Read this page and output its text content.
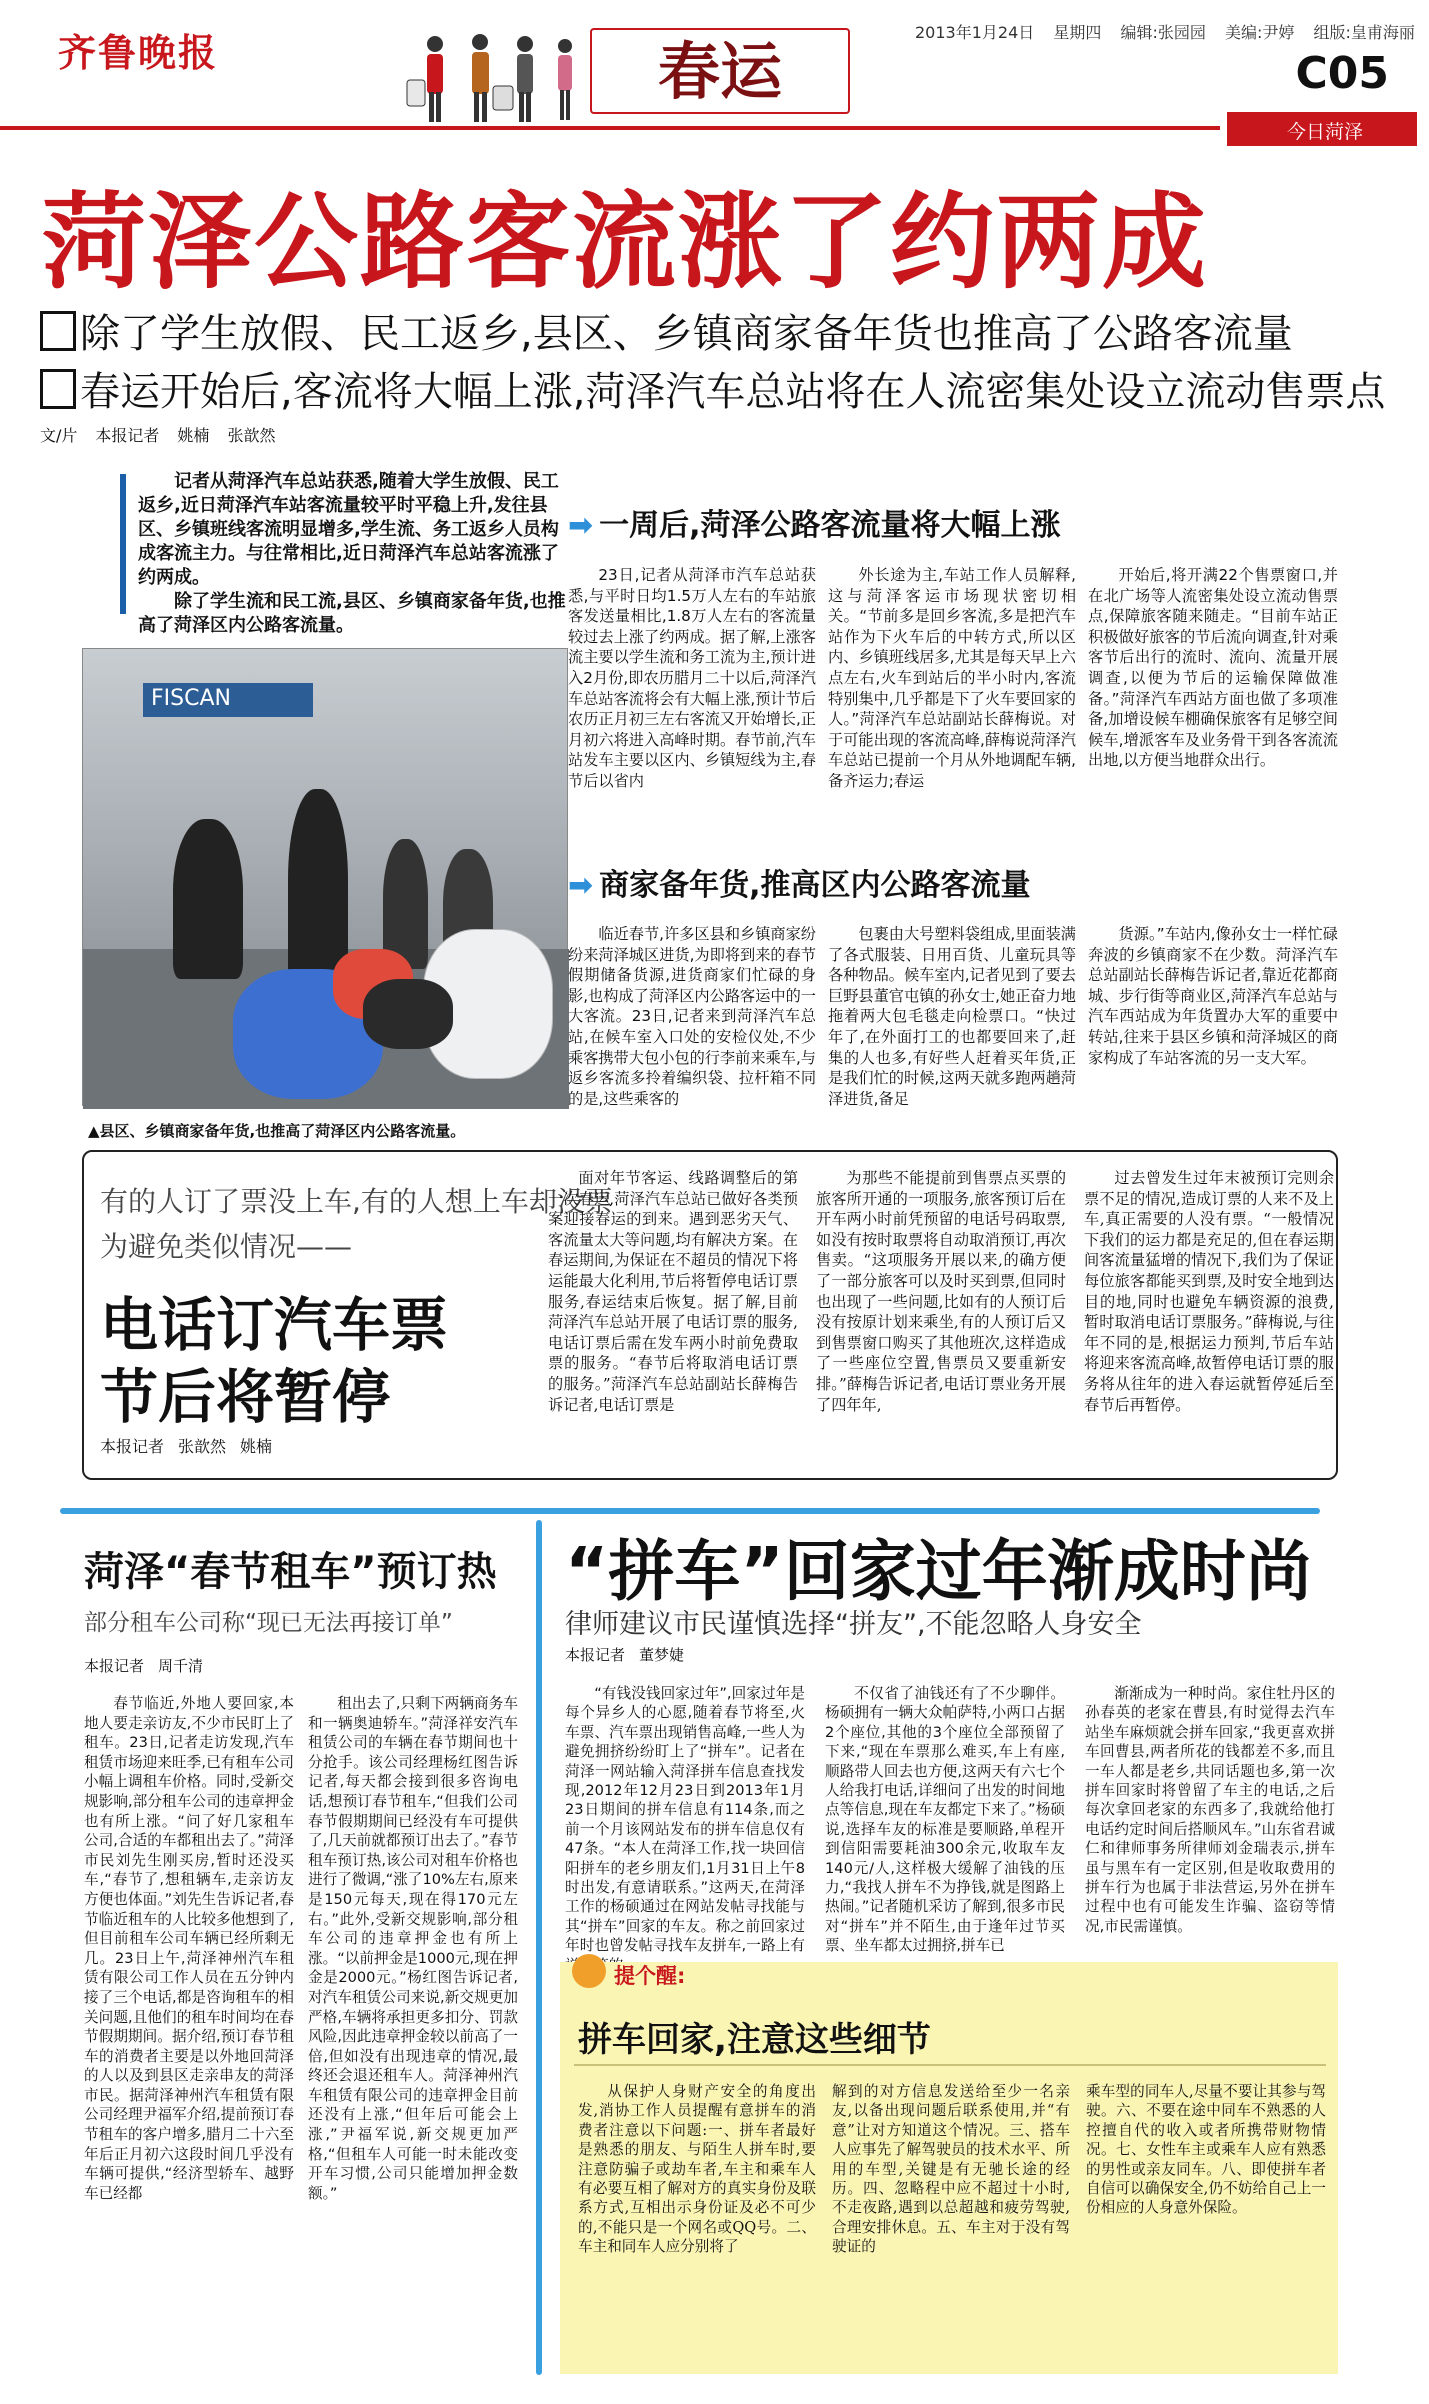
齐鲁晚报	春运
2013年1月24日 星期四 编辑:张园园 美编:尹婷 组版:皇甫海丽
C05
今日菏泽
菏泽公路客流涨了约两成
除了学生放假、民工返乡,县区、乡镇商家备年货也推高了公路客流量
春运开始后,客流将大幅上涨,菏泽汽车总站将在人流密集处设立流动售票点
文/片 本报记者 姚楠 张歆然

记者从菏泽汽车总站获悉,随着大学生放假、民工返乡,近日菏泽汽车站客流量较平时平稳上升,发往县区、乡镇班线客流明显增多,学生流、务工返乡人员构成客流主力。与往常相比,近日菏泽汽车总站客流涨了约两成。

除了学生流和民工流,县区、乡镇商家备年货,也推高了菏泽区内公路客流量。

FISCAN
▲县区、乡镇商家备年货,也推高了菏泽区内公路客流量。
➡ 一周后,菏泽公路客流量将大幅上涨

23日,记者从菏泽市汽车总站获悉,与平时日均1.5万人左右的车站旅客发送量相比,1.8万人左右的客流量较过去上涨了约两成。据了解,上涨客流主要以学生流和务工流为主,预计进入2月份,即农历腊月二十以后,菏泽汽车总站客流将会有大幅上涨,预计节后农历正月初三左右客流又开始增长,正月初六将进入高峰时期。春节前,汽车站发车主要以区内、乡镇短线为主,春节后以省内

外长途为主,车站工作人员解释,这与菏泽客运市场现状密切相关。“节前多是回乡客流,多是把汽车站作为下火车后的中转方式,所以区内、乡镇班线居多,尤其是每天早上六点左右,火车到站后的半小时内,客流特别集中,几乎都是下了火车要回家的人。”菏泽汽车总站副站长薛梅说。对于可能出现的客流高峰,薛梅说菏泽汽车总站已提前一个月从外地调配车辆,备齐运力;春运

开始后,将开满22个售票窗口,并在北广场等人流密集处设立流动售票点,保障旅客随来随走。“目前车站正积极做好旅客的节后流向调查,针对乘客节后出行的流时、流向、流量开展调查,以便为节后的运输保障做准备。”菏泽汽车西站方面也做了多项准备,加增设候车棚确保旅客有足够空间候车,增派客车及业务骨干到各客流流出地,以方便当地群众出行。

➡ 商家备年货,推高区内公路客流量

临近春节,许多区县和乡镇商家纷纷来菏泽城区进货,为即将到来的春节假期储备货源,进货商家们忙碌的身影,也构成了菏泽区内公路客运中的一大客流。23日,记者来到菏泽汽车总站,在候车室入口处的安检仪处,不少乘客携带大包小包的行李前来乘车,与返乡客流多拎着编织袋、拉杆箱不同的是,这些乘客的

包裹由大号塑料袋组成,里面装满了各式服装、日用百货、儿童玩具等各种物品。候车室内,记者见到了要去巨野县董官屯镇的孙女士,她正奋力地拖着两大包毛毯走向检票口。“快过年了,在外面打工的也都要回来了,赶集的人也多,有好些人赶着买年货,正是我们忙的时候,这两天就多跑两趟菏泽进货,备足

货源。”车站内,像孙女士一样忙碌奔波的乡镇商家不在少数。菏泽汽车总站副站长薛梅告诉记者,靠近花都商城、步行街等商业区,菏泽汽车总站与汽车西站成为年货置办大军的重要中转站,往来于县区乡镇和菏泽城区的商家构成了车站客流的另一支大军。

有的人订了票没上车,有的人想上车却没票
为避免类似情况——
电话订汽车票
节后将暂停
本报记者 张歆然 姚楠

面对年节客运、线路调整后的第一次春运,菏泽汽车总站已做好各类预案迎接春运的到来。遇到恶劣天气、客流量太大等问题,均有解决方案。在春运期间,为保证在不超员的情况下将运能最大化利用,节后将暂停电话订票服务,春运结束后恢复。据了解,目前菏泽汽车总站开展了电话订票的服务,电话订票后需在发车两小时前免费取票的服务。“春节后将取消电话订票的服务。”菏泽汽车总站副站长薛梅告诉记者,电话订票是

为那些不能提前到售票点买票的旅客所开通的一项服务,旅客预订后在开车两小时前凭预留的电话号码取票,如没有按时取票将自动取消预订,再次售卖。“这项服务开展以来,的确方便了一部分旅客可以及时买到票,但同时也出现了一些问题,比如有的人预订后没有按原计划来乘坐,有的人预订后又到售票窗口购买了其他班次,这样造成了一些座位空置,售票员又要重新安排。”薛梅告诉记者,电话订票业务开展了四年年,

过去曾发生过年末被预订完则余票不足的情况,造成订票的人来不及上车,真正需要的人没有票。“一般情况下我们的运力都是充足的,但在春运期间客流量猛增的情况下,我们为了保证每位旅客都能买到票,及时安全地到达目的地,同时也避免车辆资源的浪费,暂时取消电话订票服务。”薛梅说,与往年不同的是,根据运力预判,节后车站将迎来客流高峰,故暂停电话订票的服务将从往年的进入春运就暂停延后至春节后再暂停。

菏泽“春节租车”预订热
部分租车公司称“现已无法再接订单”
本报记者 周千清

春节临近,外地人要回家,本地人要走亲访友,不少市民盯上了租车。23日,记者走访发现,汽车租赁市场迎来旺季,已有租车公司小幅上调租车价格。同时,受新交规影响,部分租车公司的违章押金也有所上涨。“问了好几家租车公司,合适的车都租出去了。”菏泽市民刘先生刚买房,暂时还没买车,“春节了,想租辆车,走亲访友方便也体面。”刘先生告诉记者,春节临近租车的人比较多他想到了,但目前租车公司车辆已经所剩无几。23日上午,菏泽神州汽车租赁有限公司工作人员在五分钟内接了三个电话,都是咨询租车的相关问题,且他们的租车时间均在春节假期期间。据介绍,预订春节租车的消费者主要是以外地回菏泽的人以及到县区走亲串友的菏泽市民。据菏泽神州汽车租赁有限公司经理尹福军介绍,提前预订春节租车的客户增多,腊月二十六至年后正月初六这段时间几乎没有车辆可提供,“经济型轿车、越野车已经都

租出去了,只剩下两辆商务车和一辆奥迪轿车。”菏泽祥安汽车租赁公司的车辆在春节期间也十分抢手。该公司经理杨红图告诉记者,每天都会接到很多咨询电话,想预订春节租车,“但我们公司春节假期期间已经没有车可提供了,几天前就都预订出去了。”春节租车预订热,该公司对租车价格也进行了微调,“涨了10%左右,原来是150元每天,现在得170元左右。”此外,受新交规影响,部分租车公司的违章押金也有所上涨。“以前押金是1000元,现在押金是2000元。”杨红图告诉记者,对汽车租赁公司来说,新交规更加严格,车辆将承担更多扣分、罚款风险,因此违章押金较以前高了一倍,但如没有出现违章的情况,最终还会退还租车人。菏泽神州汽车租赁有限公司的违章押金目前还没有上涨,“但年后可能会上涨,”尹福军说,新交规更加严格,“但租车人可能一时未能改变开车习惯,公司只能增加押金数额。”

“拼车”回家过年渐成时尚
律师建议市民谨慎选择“拼友”,不能忽略人身安全
本报记者 董梦婕

“有钱没钱回家过年”,回家过年是每个异乡人的心愿,随着春节将至,火车票、汽车票出现销售高峰,一些人为避免拥挤纷纷盯上了“拼车”。记者在菏泽一网站输入菏泽拼车信息查找发现,2012年12月23日到2013年1月23日期间的拼车信息有114条,而之前一个月该网站发布的拼车信息仅有47条。“本人在菏泽工作,找一块回信阳拼车的老乡朋友们,1月31日上午8时出发,有意请联系。”这两天,在菏泽工作的杨硕通过在网站发帖寻找能与其“拼车”回家的车友。称之前回家过年时也曾发帖寻找车友拼车,一路上有

不仅省了油钱还有了不少聊伴。杨硕拥有一辆大众帕萨特,小两口占据2个座位,其他的3个座位全部预留了下来,“现在车票那么难买,车上有座,顺路带人回去也方便,这两天有六七个人给我打电话,详细问了出发的时间地点等信息,现在车友都定下来了。”杨硕说,选择车友的标准是要顺路,单程开到信阳需要耗油300余元,收取车友140元/人,这样极大缓解了油钱的压力,“我找人拼车不为挣钱,就是图路上热闹。”记者随机采访了解到,很多市民对“拼车”并不陌生,由于逢年过节买票、坐车都太过拥挤,拼车已

渐渐成为一种时尚。家住牡丹区的孙春英的老家在曹县,有时觉得去汽车站坐车麻烦就会拼车回家,“我更喜欢拼车回曹县,两者所花的钱都差不多,而且一车人都是老乡,共同话题也多,第一次拼车回家时将曾留了车主的电话,之后每次拿回老家的东西多了,我就给他打电话约定时间后搭顺风车。”山东省君诚仁和律师事务所律师刘金瑞表示,拼车虽与黑车有一定区别,但是收取费用的拼车行为也属于非法营运,另外在拼车过程中也有可能发生诈骗、盗窃等情况,市民需谨慎。

提个醒:
拼车回家,注意这些细节

从保护人身财产安全的角度出发,消协工作人员提醒有意拼车的消费者注意以下问题:一、拼车者最好是熟悉的朋友、与陌生人拼车时,要注意防骗子或劫车者,车主和乘车人有必要互相了解对方的真实身份及联系方式,互相出示身份证及必不可少的,不能只是一个网名或QQ号。二、车主和同车人应分别将了

解到的对方信息发送给至少一名亲友,以备出现问题后联系使用,并“有意”让对方知道这个情况。三、搭车人应事先了解驾驶员的技术水平、所用的车型,关键是有无驰长途的经历。四、忽略程中应不超过十小时,不走夜路,遇到以总超越和疲劳驾驶,合理安排休息。五、车主对于没有驾驶证的

乘车型的同车人,尽量不要让其参与驾驶。六、不要在途中同车不熟悉的人控擅自代的收入或者所携带财物情况。七、女性车主或乘车人应有熟悉的男性或亲友同车。八、即使拼车者自信可以确保安全,仍不妨给自己上一份相应的人身意外保险。
